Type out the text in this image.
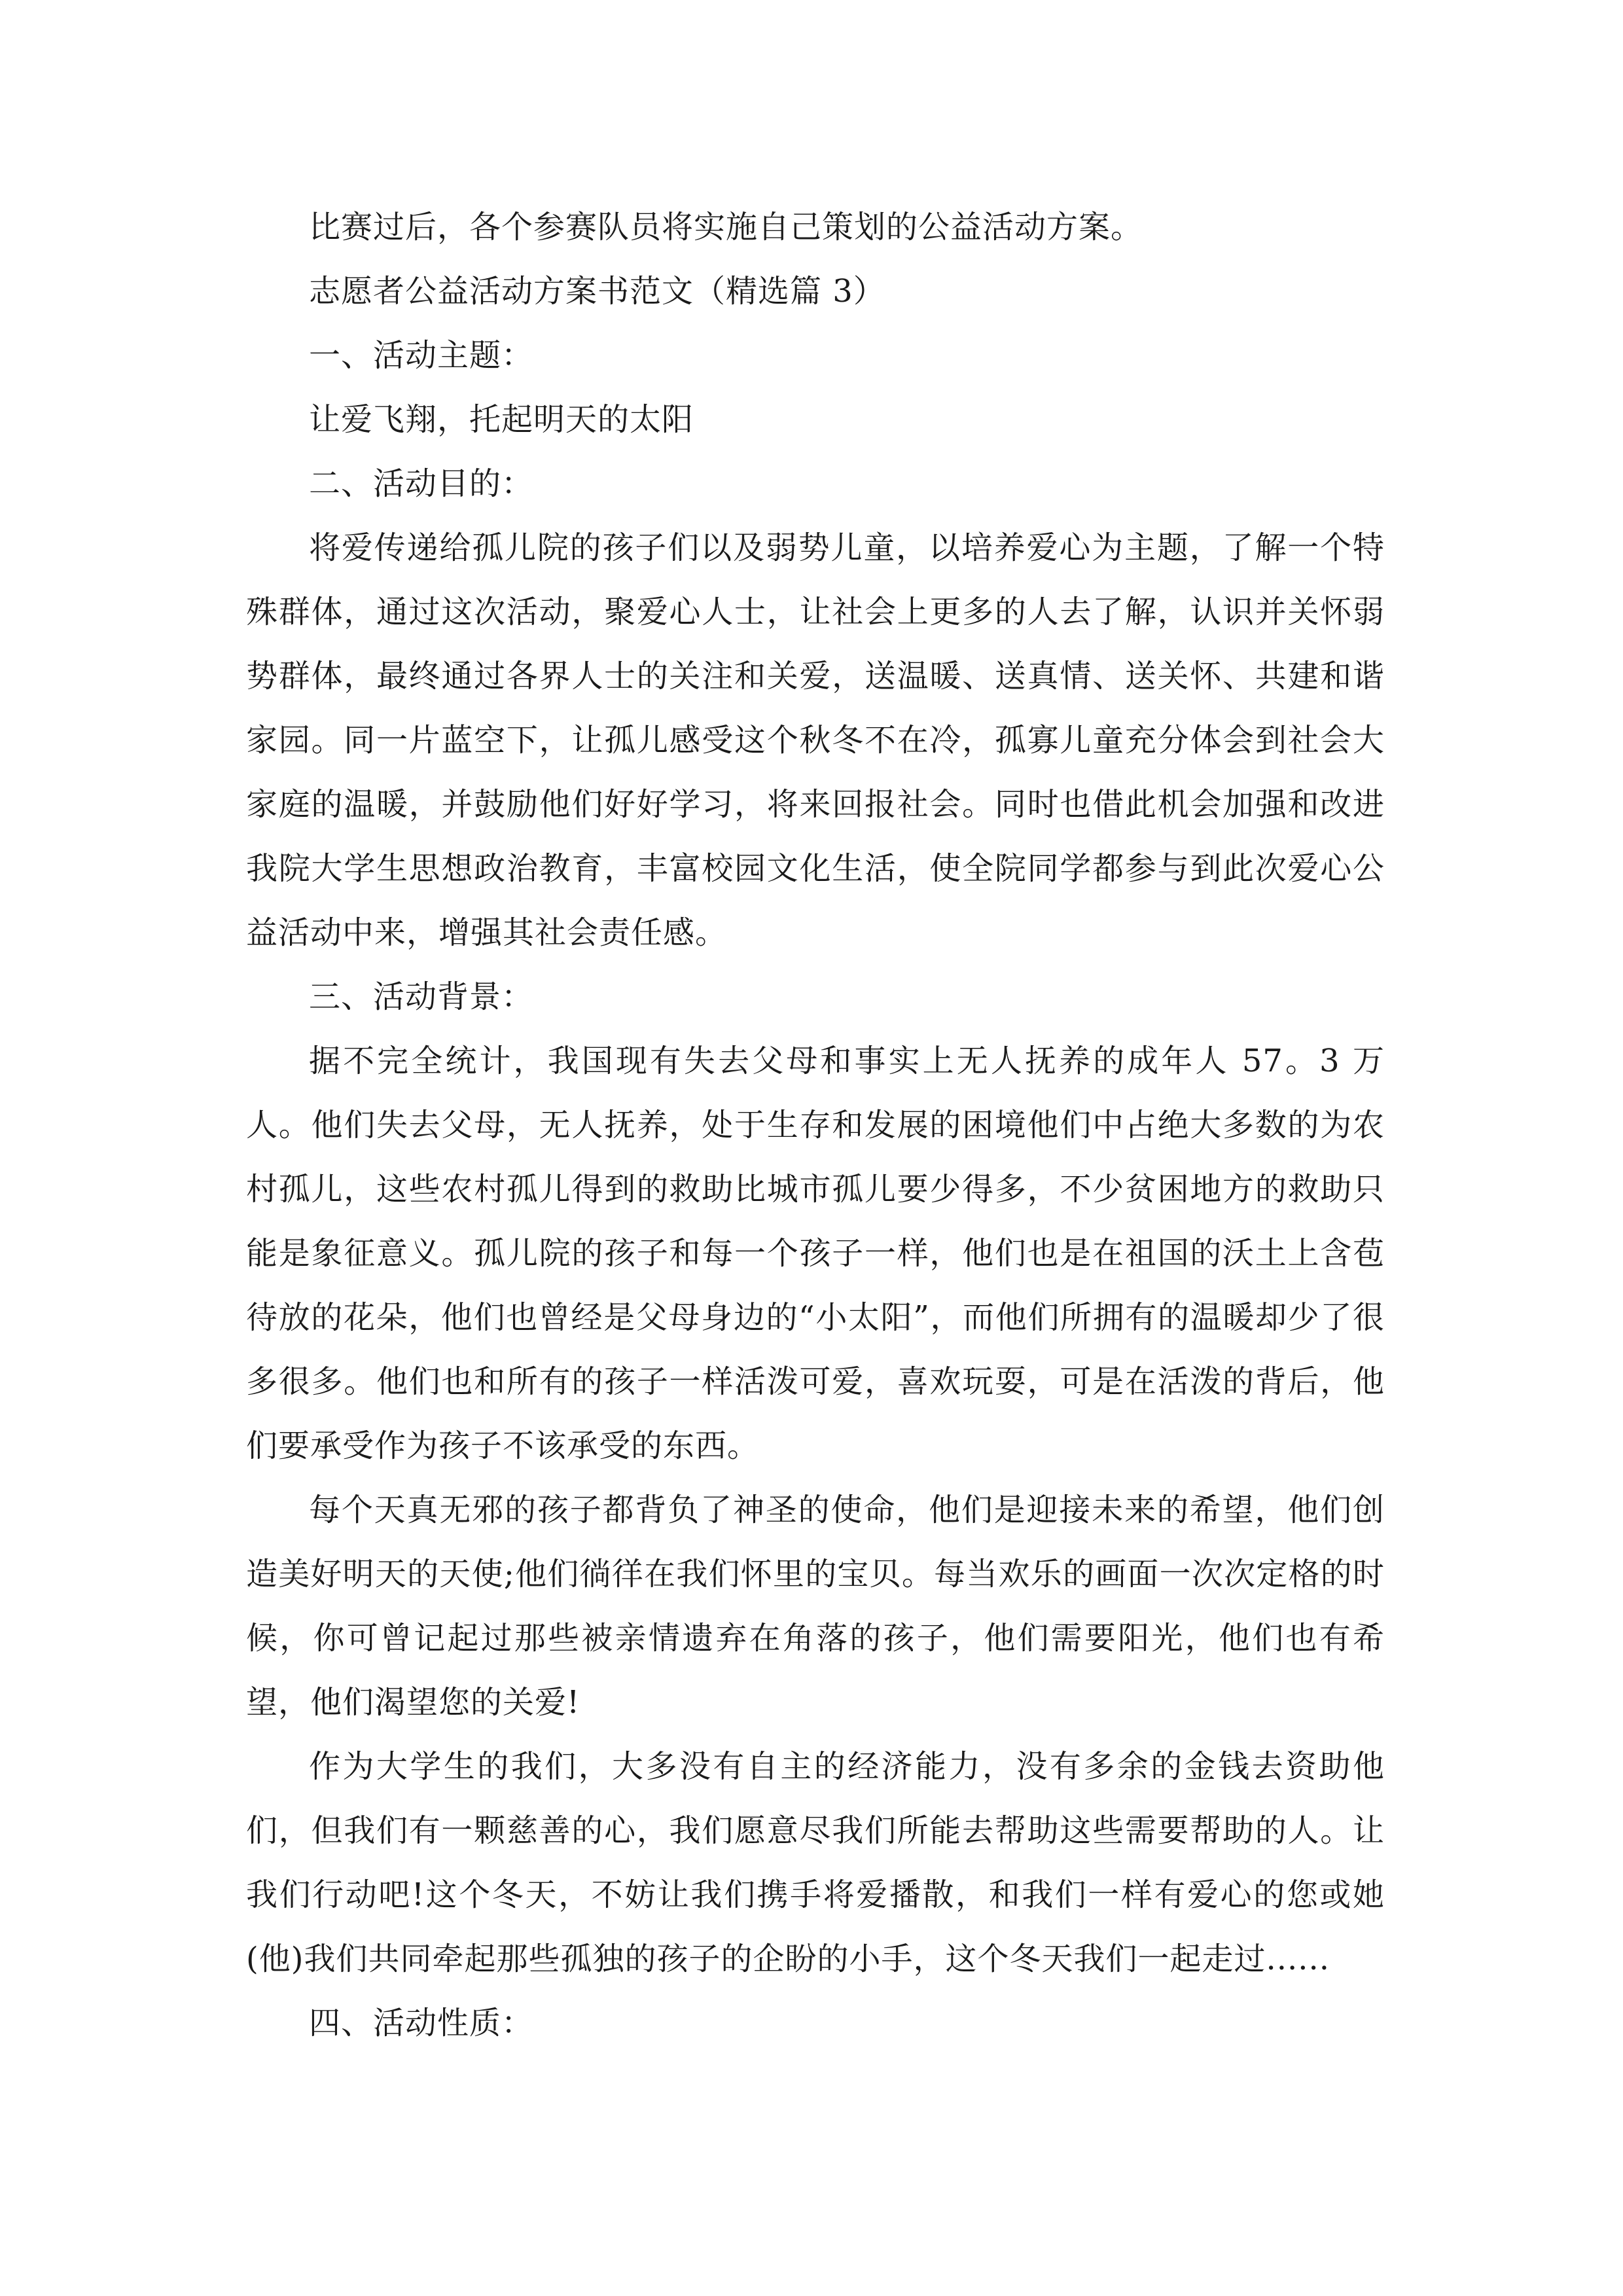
比赛过后，各个参赛队员将实施自己策划的公益活动方案。

志愿者公益活动方案书范文（精选篇 3）

一、活动主题：

让爱飞翔，托起明天的太阳

二、活动目的：

将爱传递给孤儿院的孩子们以及弱势儿童，以培养爱心为主题，了解一个特殊群体，通过这次活动，聚爱心人士，让社会上更多的人去了解，认识并关怀弱势群体，最终通过各界人士的关注和关爱，送温暖、送真情、送关怀、共建和谐家园。同一片蓝空下，让孤儿感受这个秋冬不在冷，孤寡儿童充分体会到社会大家庭的温暖，并鼓励他们好好学习，将来回报社会。同时也借此机会加强和改进我院大学生思想政治教育，丰富校园文化生活，使全院同学都参与到此次爱心公益活动中来，增强其社会责任感。

三、活动背景：

据不完全统计，我国现有失去父母和事实上无人抚养的成年人 57。3 万人。他们失去父母，无人抚养，处于生存和发展的困境他们中占绝大多数的为农村孤儿，这些农村孤儿得到的救助比城市孤儿要少得多，不少贫困地方的救助只能是象征意义。孤儿院的孩子和每一个孩子一样，他们也是在祖国的沃土上含苞待放的花朵，他们也曾经是父母身边的“小太阳”，而他们所拥有的温暖却少了很多很多。他们也和所有的孩子一样活泼可爱，喜欢玩耍，可是在活泼的背后，他们要承受作为孩子不该承受的东西。

每个天真无邪的孩子都背负了神圣的使命，他们是迎接未来的希望，他们创造美好明天的天使;他们徜徉在我们怀里的宝贝。每当欢乐的画面一次次定格的时候，你可曾记起过那些被亲情遗弃在角落的孩子，他们需要阳光，他们也有希望，他们渴望您的关爱!

作为大学生的我们，大多没有自主的经济能力，没有多余的金钱去资助他们，但我们有一颗慈善的心，我们愿意尽我们所能去帮助这些需要帮助的人。让我们行动吧!这个冬天，不妨让我们携手将爱播散，和我们一样有爱心的您或她(他)我们共同牵起那些孤独的孩子的企盼的小手，这个冬天我们一起走过......

四、活动性质：
